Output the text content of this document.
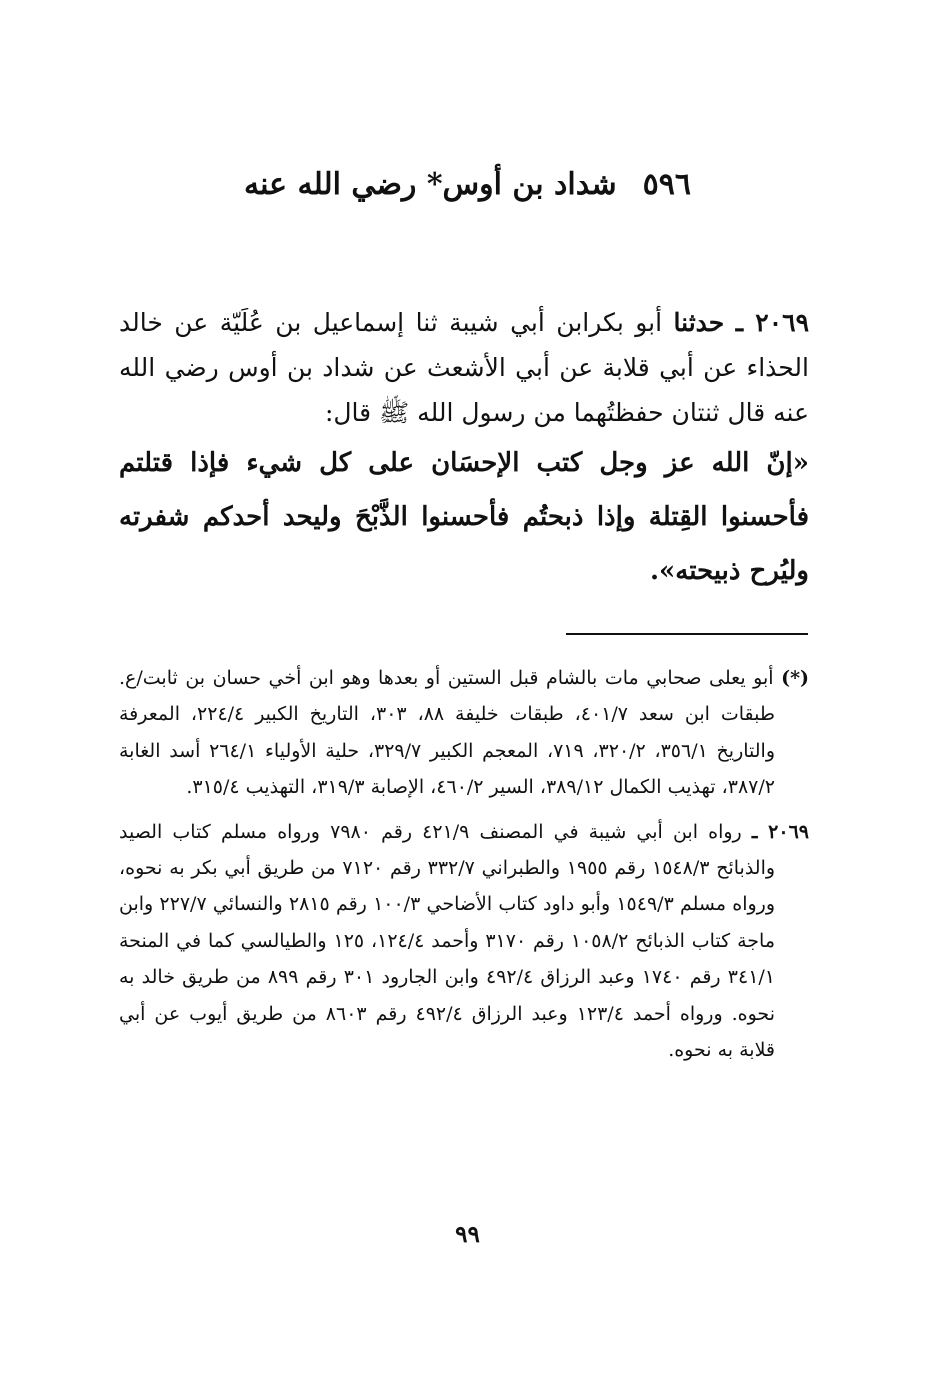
٥٩٦شداد بن أوس* رضي الله عنه
٢٠٦٩ ـ حدثنا أبو بكرابن أبي شيبة ثنا إسماعيل بن عُلَيّة عن خالد الحذاء عن أبي قلابة عن أبي الأشعث عن شداد بن أوس رضي الله عنه قال ثنتان حفظتُهما من رسول الله ﷺ قال:
«إنّ الله عز وجل كتب الإحسَان على كل شيء فإذا قتلتم فأحسنوا القِتلة وإذا ذبحتُم فأحسنوا الذَّبْحَ وليحد أحدكم شفرته وليُرح ذبيحته».
(*) أبو يعلى صحابي مات بالشام قبل الستين أو بعدها وهو ابن أخي حسان بن ثابت/ع. طبقات ابن سعد ٤٠١/٧، طبقات خليفة ٨٨، ٣٠٣، التاريخ الكبير ٢٢٤/٤، المعرفة والتاريخ ٣٥٦/١، ٣٢٠/٢، ٧١٩، المعجم الكبير ٣٢٩/٧، حلية الأولياء ٢٦٤/١ أسد الغابة ٣٨٧/٢، تهذيب الكمال ٣٨٩/١٢، السير ٤٦٠/٢، الإصابة ٣١٩/٣، التهذيب ٣١٥/٤.
٢٠٦٩ ـ رواه ابن أبي شيبة في المصنف ٤٢١/٩ رقم ٧٩٨٠ ورواه مسلم كتاب الصيد والذبائح ١٥٤٨/٣ رقم ١٩٥٥ والطبراني ٣٣٢/٧ رقم ٧١٢٠ من طريق أبي بكر به نحوه، ورواه مسلم ١٥٤٩/٣ وأبو داود كتاب الأضاحي ١٠٠/٣ رقم ٢٨١٥ والنسائي ٢٢٧/٧ وابن ماجة كتاب الذبائح ١٠٥٨/٢ رقم ٣١٧٠ وأحمد ١٢٤/٤، ١٢٥ والطيالسي كما في المنحة ٣٤١/١ رقم ١٧٤٠ وعبد الرزاق ٤٩٢/٤ وابن الجارود ٣٠١ رقم ٨٩٩ من طريق خالد به نحوه. ورواه أحمد ١٢٣/٤ وعبد الرزاق ٤٩٢/٤ رقم ٨٦٠٣ من طريق أيوب عن أبي قلابة به نحوه.
٩٩
